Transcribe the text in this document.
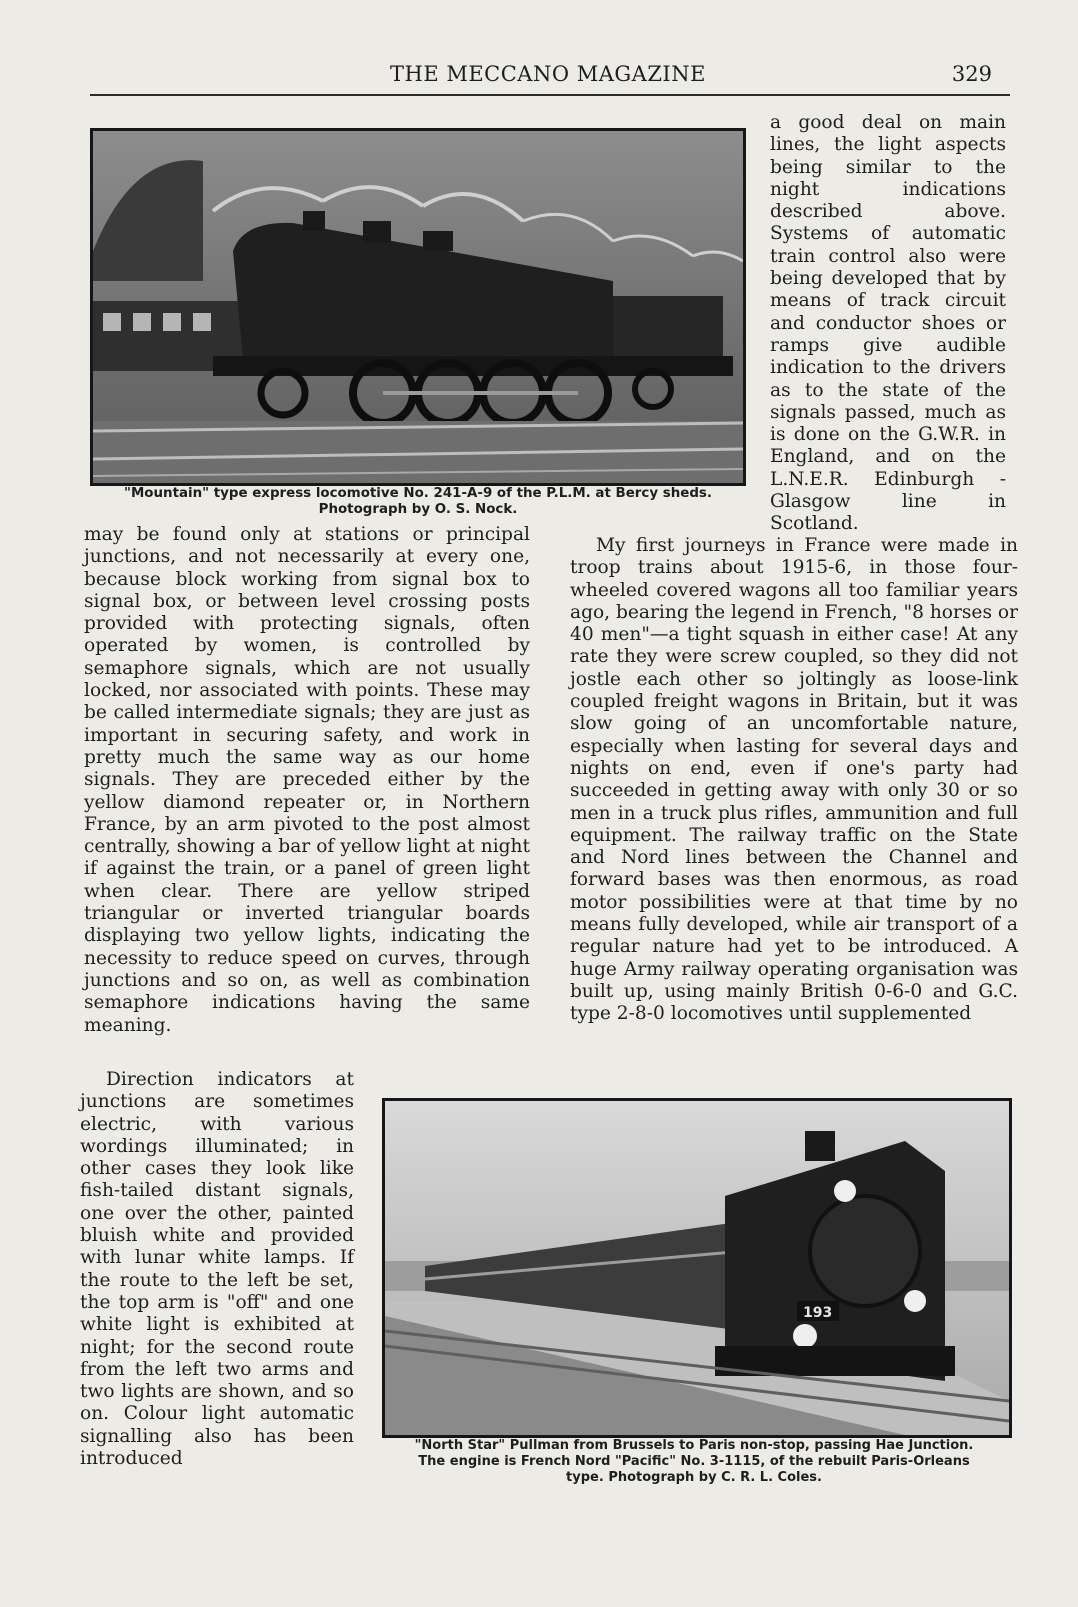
THE MECCANO MAGAZINE	329
"Mountain" type express locomotive No. 241-A-9 of the P.L.M. at Bercy sheds.
Photograph by O. S. Nock.

a good deal on main lines, the light aspects being similar to the night indications described above. Systems of automatic train control also were being developed that by means of track circuit and conductor shoes or ramps give audible indication to the drivers as to the state of the signals passed, much as is done on the G.W.R. in England, and on the L.N.E.R. Edinburgh - Glasgow line in Scotland.

may be found only at stations or principal junctions, and not necessarily at every one, because block working from signal box to signal box, or between level crossing posts provided with protecting signals, often operated by women, is controlled by semaphore signals, which are not usually locked, nor associated with points. These may be called intermediate signals; they are just as important in securing safety, and work in pretty much the same way as our home signals. They are preceded either by the yellow diamond repeater or, in Northern France, by an arm pivoted to the post almost centrally, showing a bar of yellow light at night if against the train, or a panel of green light when clear. There are yellow striped triangular or inverted triangular boards displaying two yellow lights, indicating the necessity to reduce speed on curves, through junctions and so on, as well as combination semaphore indications having the same meaning.

Direction indicators at junctions are sometimes electric, with various wordings illuminated; in other cases they look like fish-tailed distant signals, one over the other, painted bluish white and provided with lunar white lamps. If the route to the left be set, the top arm is "off" and one white light is exhibited at night; for the second route from the left two arms and two lights are shown, and so on. Colour light automatic signalling also has been introduced

My first journeys in France were made in troop trains about 1915-6, in those four-wheeled covered wagons all too familiar years ago, bearing the legend in French, "8 horses or 40 men"—a tight squash in either case! At any rate they were screw coupled, so they did not jostle each other so joltingly as loose-link coupled freight wagons in Britain, but it was slow going of an uncomfortable nature, especially when lasting for several days and nights on end, even if one's party had succeeded in getting away with only 30 or so men in a truck plus rifles, ammunition and full equipment. The railway traffic on the State and Nord lines between the Channel and forward bases was then enormous, as road motor possibilities were at that time by no means fully developed, while air transport of a regular nature had yet to be introduced. A huge Army railway operating organisation was built up, using mainly British 0-6-0 and G.C. type 2-8-0 locomotives until supplemented

193
"North Star" Pullman from Brussels to Paris non-stop, passing Hae Junction.
The engine is French Nord "Pacific" No. 3-1115, of the rebuilt Paris-Orleans
type. Photograph by C. R. L. Coles.
